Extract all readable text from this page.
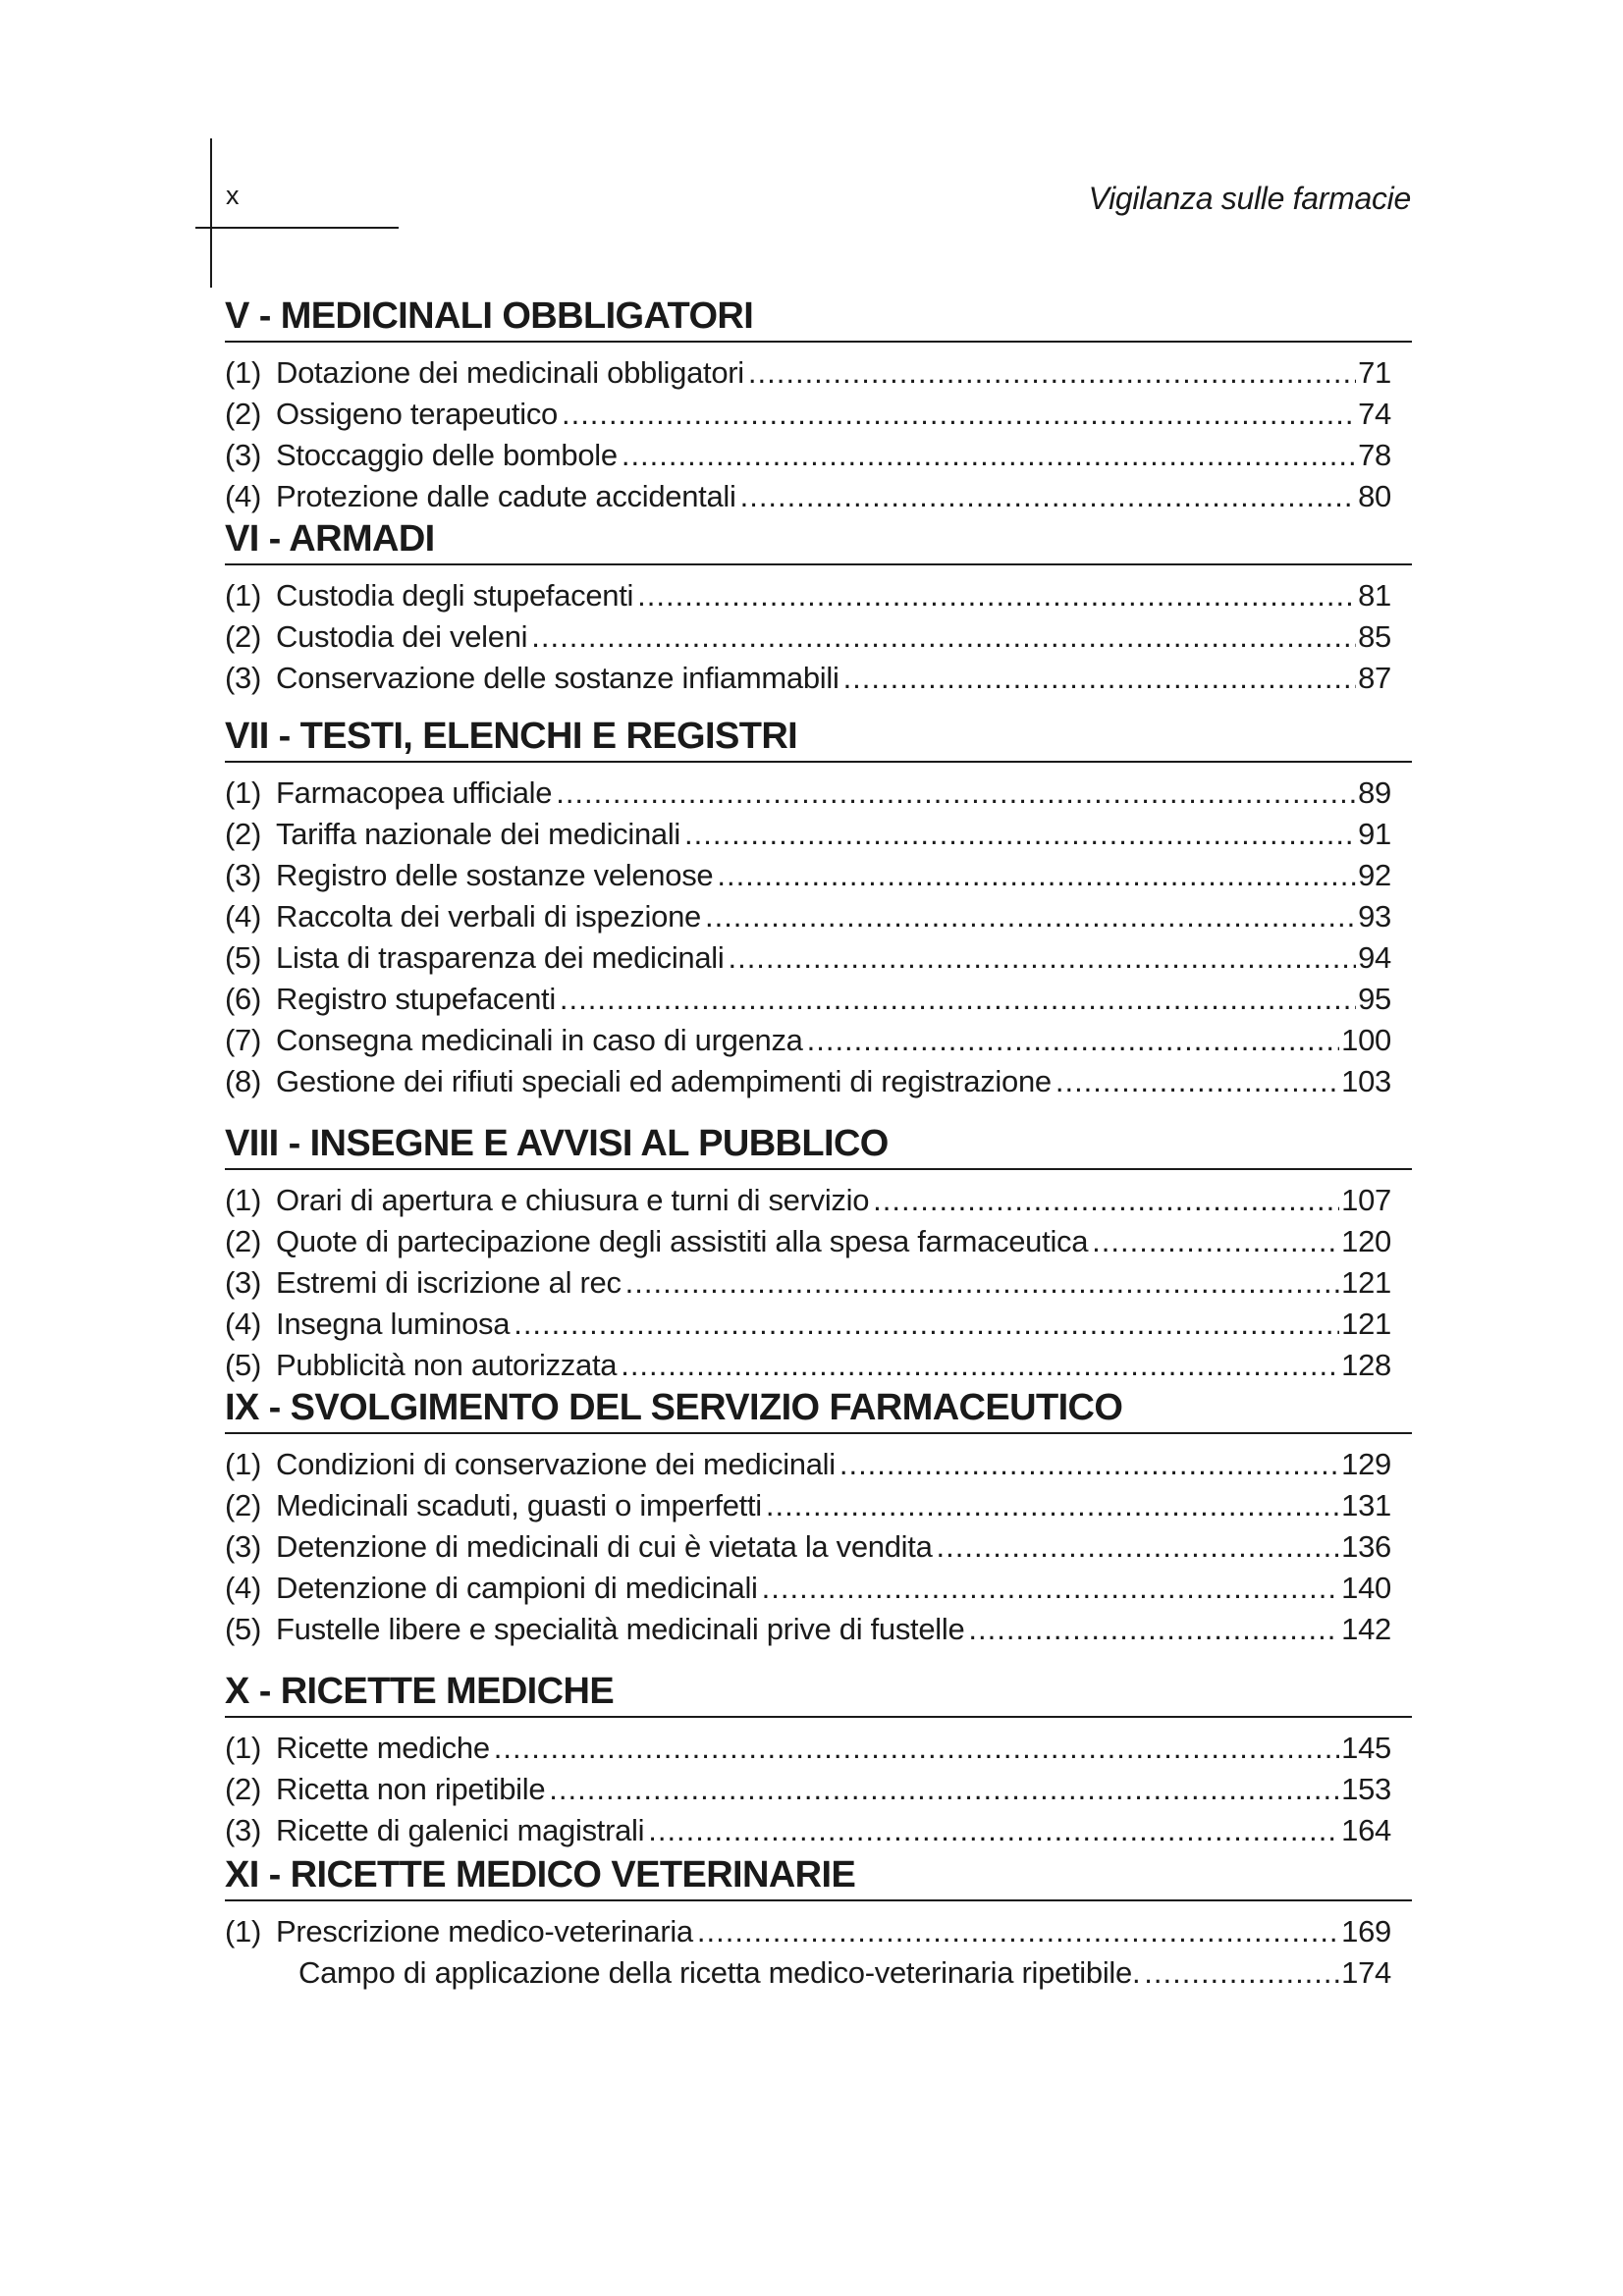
x	Vigilanza sulle farmacie
V - MEDICINALI OBBLIGATORI
(1) Dotazione dei medicinali obbligatori .....	71
(2) Ossigeno terapeutico .....	74
(3) Stoccaggio delle bombole .....	78
(4) Protezione dalle cadute accidentali .....	80
VI - ARMADI
(1) Custodia degli stupefacenti .....	81
(2) Custodia dei veleni .....	85
(3) Conservazione delle sostanze infiammabili .....	87
VII - TESTI, ELENCHI E REGISTRI
(1) Farmacopea ufficiale .....	89
(2) Tariffa nazionale dei medicinali .....	91
(3) Registro delle sostanze velenose .....	92
(4) Raccolta dei verbali di ispezione .....	93
(5) Lista di trasparenza dei medicinali .....	94
(6) Registro stupefacenti .....	95
(7) Consegna medicinali in caso di urgenza .....	100
(8) Gestione dei rifiuti speciali ed adempimenti di registrazione .....	103
VIII - INSEGNE E AVVISI AL PUBBLICO
(1) Orari di apertura e chiusura e turni di servizio .....	107
(2) Quote di partecipazione degli assistiti alla spesa farmaceutica .....	120
(3) Estremi di iscrizione al rec .....	121
(4) Insegna luminosa .....	121
(5) Pubblicità non autorizzata .....	128
IX - SVOLGIMENTO DEL SERVIZIO FARMACEUTICO
(1) Condizioni di conservazione dei medicinali .....	129
(2) Medicinali scaduti, guasti o imperfetti .....	131
(3) Detenzione di medicinali di cui è vietata la vendita .....	136
(4) Detenzione di campioni di medicinali .....	140
(5) Fustelle libere e specialità medicinali prive di fustelle .....	142
X - RICETTE MEDICHE
(1) Ricette mediche .....	145
(2) Ricetta non ripetibile .....	153
(3) Ricette di galenici magistrali .....	164
XI - RICETTE MEDICO VETERINARIE
(1) Prescrizione medico-veterinaria .....	169
Campo di applicazione della ricetta medico-veterinaria ripetibile. .....	174
